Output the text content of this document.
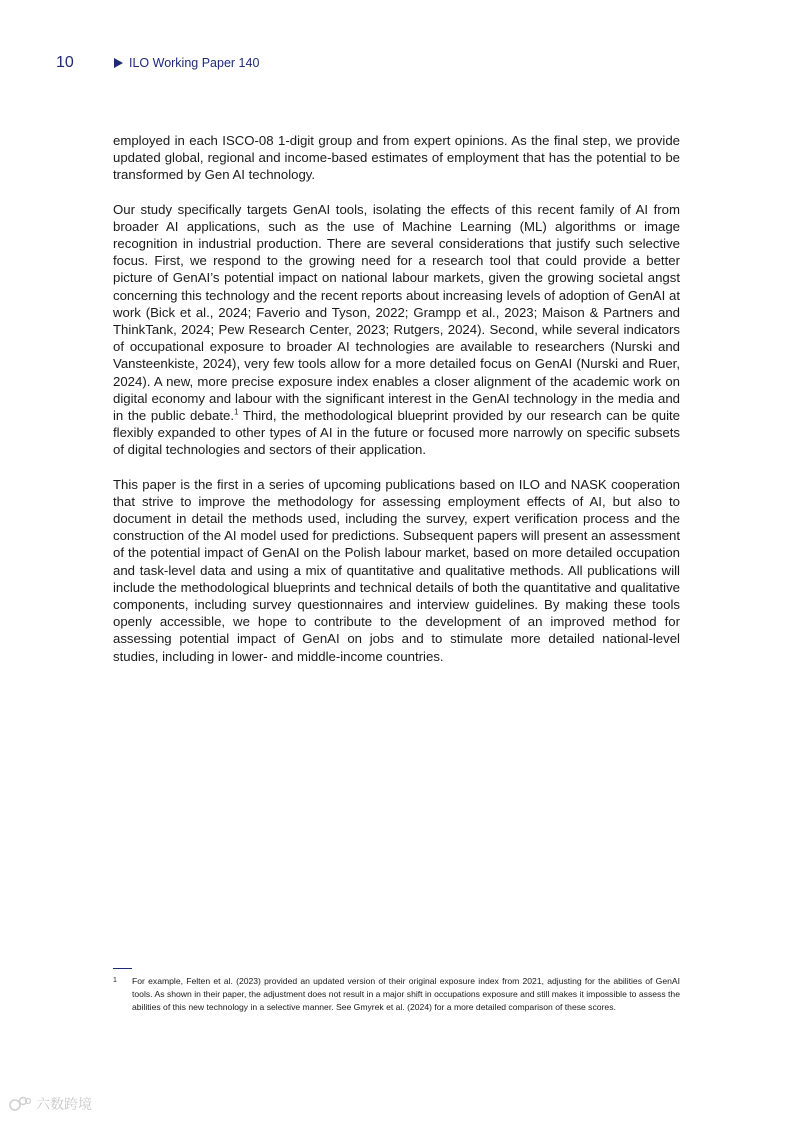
10	ILO Working Paper 140

employed in each ISCO-08 1-digit group and from expert opinions. As the final step, we provide updated global, regional and income-based estimates of employment that has the potential to be transformed by Gen AI technology.

Our study specifically targets GenAI tools, isolating the effects of this recent family of AI from broader AI applications, such as the use of Machine Learning (ML) algorithms or image recognition in industrial production. There are several considerations that justify such selective focus. First, we respond to the growing need for a research tool that could provide a better picture of GenAI’s potential impact on national labour markets, given the growing societal angst concerning this technology and the recent reports about increasing levels of adoption of GenAI at work (Bick et al., 2024; Faverio and Tyson, 2022; Grampp et al., 2023; Maison & Partners and ThinkTank, 2024; Pew Research Center, 2023; Rutgers, 2024). Second, while several indicators of occupational exposure to broader AI technologies are available to researchers (Nurski and Vansteenkiste, 2024), very few tools allow for a more detailed focus on GenAI (Nurski and Ruer, 2024). A new, more precise exposure index enables a closer alignment of the academic work on digital economy and labour with the significant interest in the GenAI technology in the media and in the public debate.$^1$ Third, the methodological blueprint provided by our research can be quite flexibly expanded to other types of AI in the future or focused more narrowly on specific subsets of digital technologies and sectors of their application.

This paper is the first in a series of upcoming publications based on ILO and NASK cooperation that strive to improve the methodology for assessing employment effects of AI, but also to document in detail the methods used, including the survey, expert verification process and the construction of the AI model used for predictions. Subsequent papers will present an assessment of the potential impact of GenAI on the Polish labour market, based on more detailed occupation and task-level data and using a mix of quantitative and qualitative methods. All publications will include the methodological blueprints and technical details of both the quantitative and qualitative components, including survey questionnaires and interview guidelines. By making these tools openly accessible, we hope to contribute to the development of an improved method for assessing potential impact of GenAI on jobs and to stimulate more detailed national-level studies, including in lower- and middle-income countries.

1	For example, Felten et al. (2023) provided an updated version of their original exposure index from 2021, adjusting for the abilities of GenAI tools. As shown in their paper, the adjustment does not result in a major shift in occupations exposure and still makes it impossible to assess the abilities of this new technology in a selective manner. See Gmyrek et al. (2024) for a more detailed comparison of these scores.
六数跨境
